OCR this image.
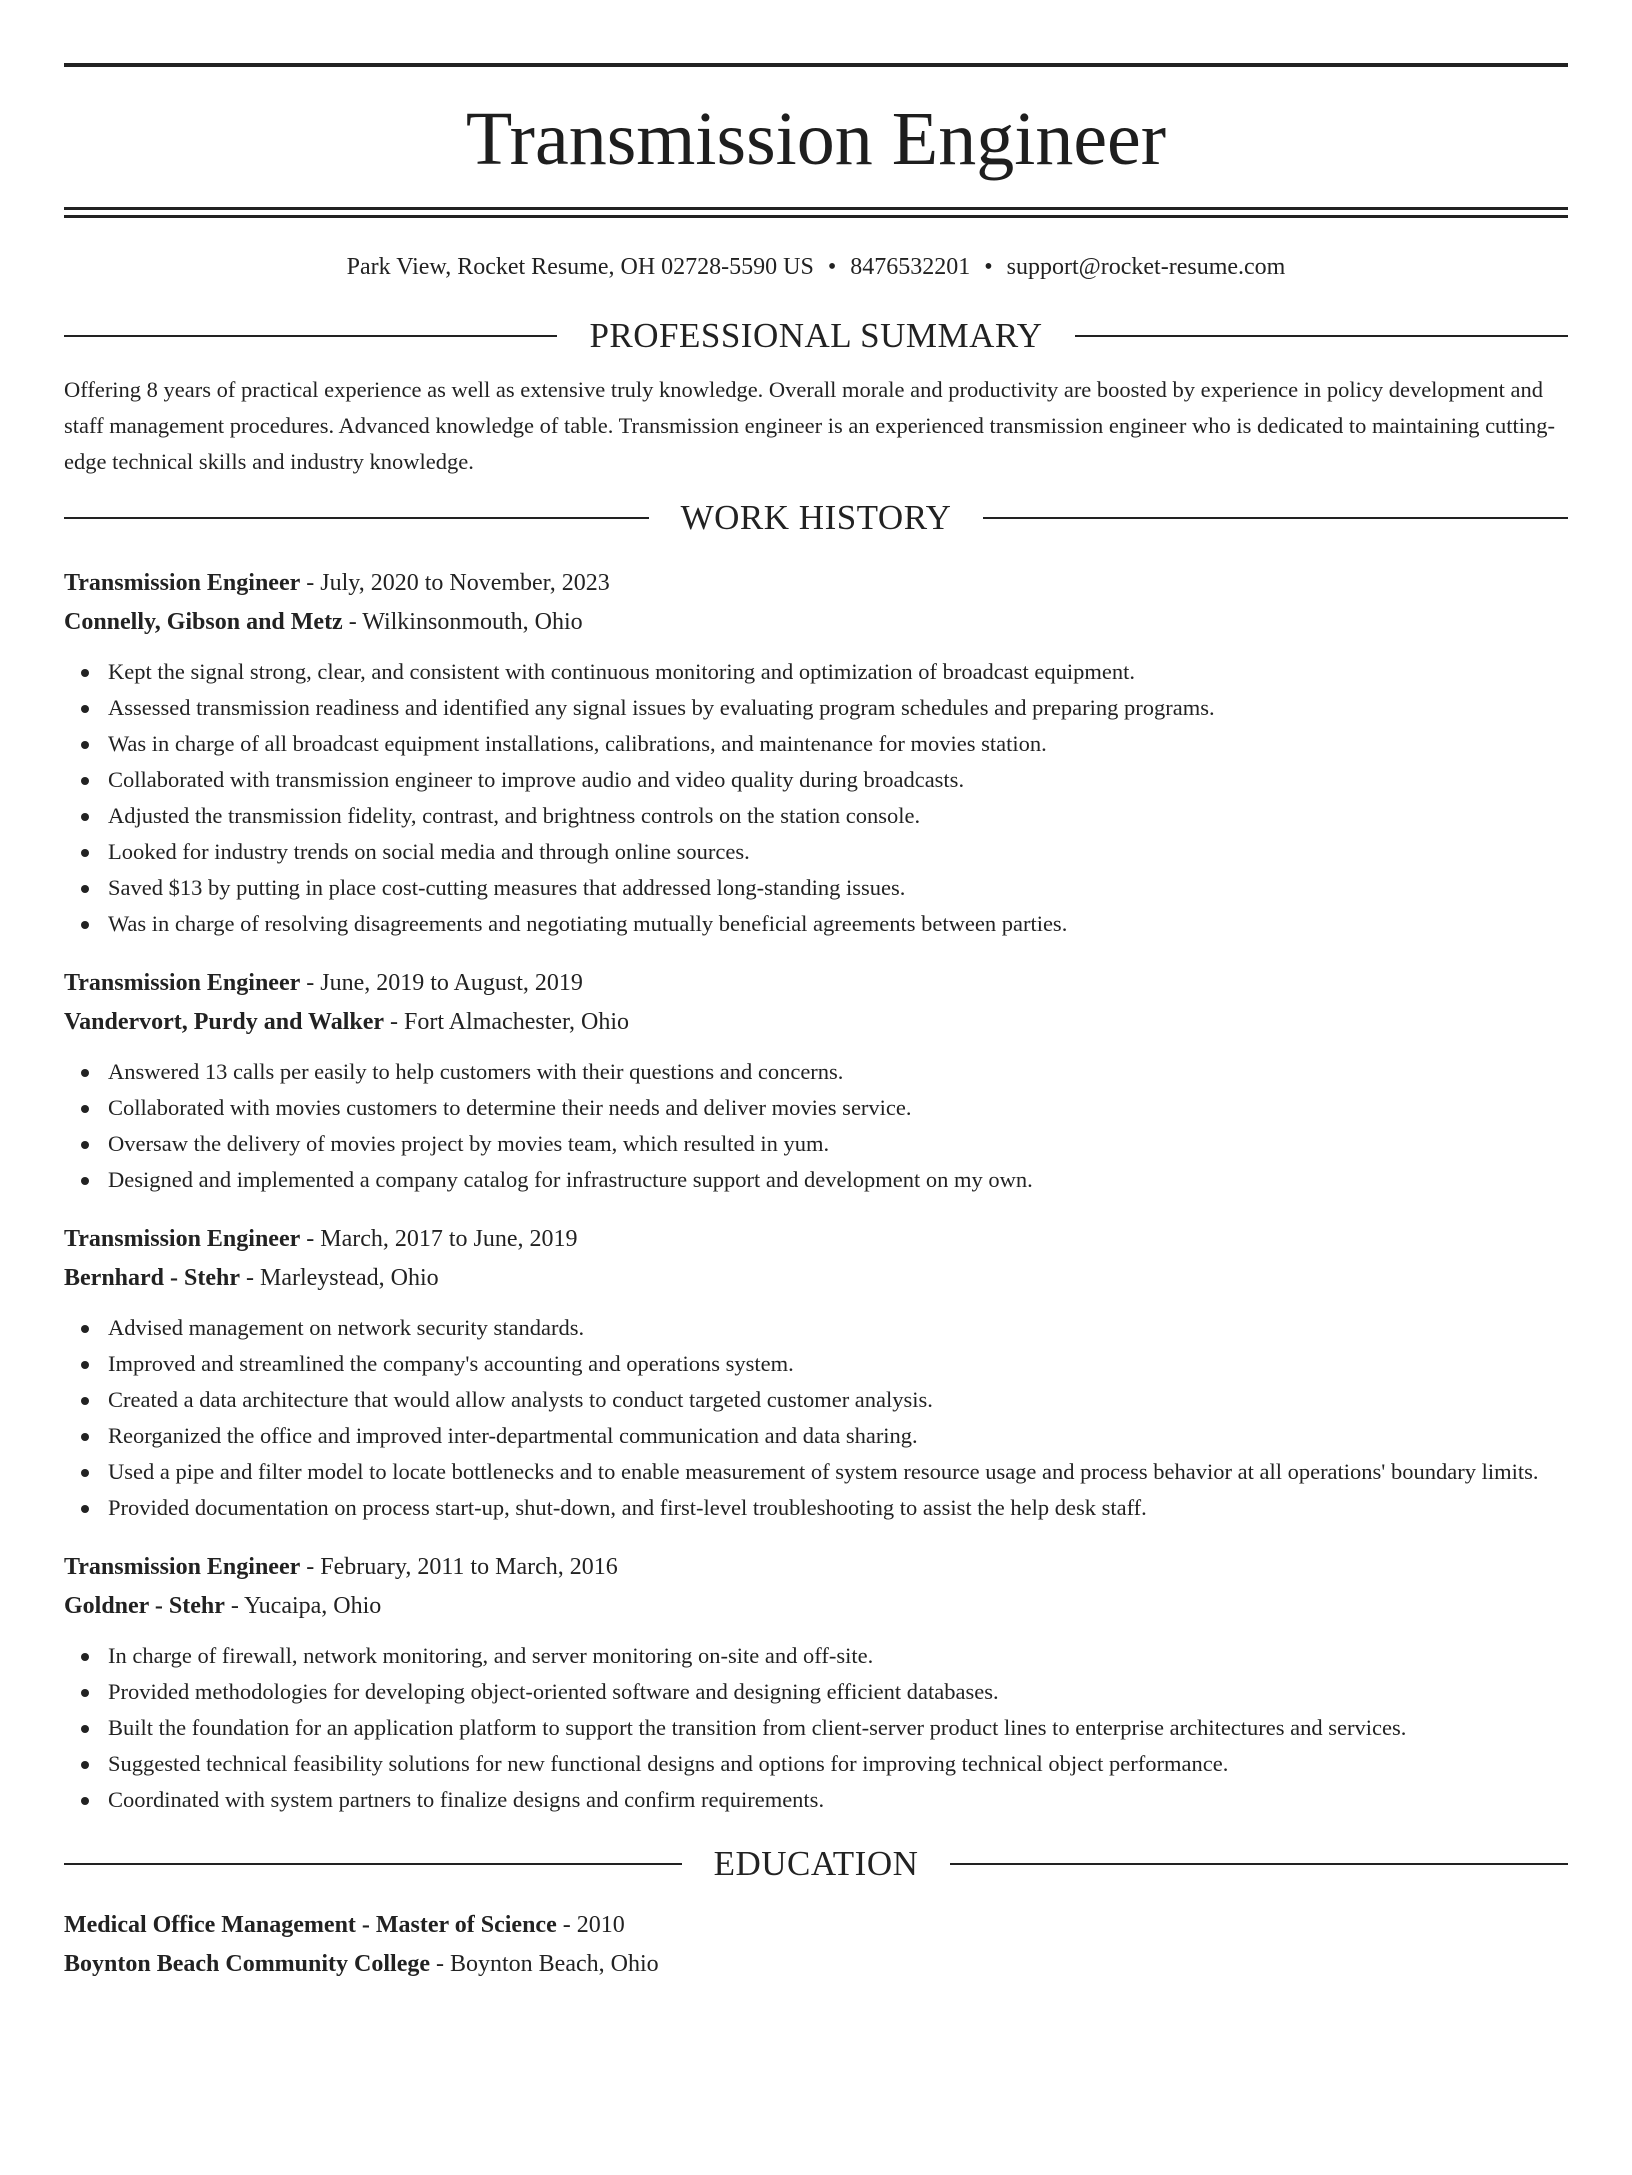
Transmission Engineer
Park View, Rocket Resume, OH 02728-5590 US • 8476532201 • support@rocket-resume.com
PROFESSIONAL SUMMARY
Offering 8 years of practical experience as well as extensive truly knowledge. Overall morale and productivity are boosted by experience in policy development and staff management procedures. Advanced knowledge of table. Transmission engineer is an experienced transmission engineer who is dedicated to maintaining cutting-edge technical skills and industry knowledge.
WORK HISTORY
Transmission Engineer - July, 2020 to November, 2023
Connelly, Gibson and Metz - Wilkinsonmouth, Ohio
Kept the signal strong, clear, and consistent with continuous monitoring and optimization of broadcast equipment.
Assessed transmission readiness and identified any signal issues by evaluating program schedules and preparing programs.
Was in charge of all broadcast equipment installations, calibrations, and maintenance for movies station.
Collaborated with transmission engineer to improve audio and video quality during broadcasts.
Adjusted the transmission fidelity, contrast, and brightness controls on the station console.
Looked for industry trends on social media and through online sources.
Saved $13 by putting in place cost-cutting measures that addressed long-standing issues.
Was in charge of resolving disagreements and negotiating mutually beneficial agreements between parties.
Transmission Engineer - June, 2019 to August, 2019
Vandervort, Purdy and Walker - Fort Almachester, Ohio
Answered 13 calls per easily to help customers with their questions and concerns.
Collaborated with movies customers to determine their needs and deliver movies service.
Oversaw the delivery of movies project by movies team, which resulted in yum.
Designed and implemented a company catalog for infrastructure support and development on my own.
Transmission Engineer - March, 2017 to June, 2019
Bernhard - Stehr - Marleystead, Ohio
Advised management on network security standards.
Improved and streamlined the company's accounting and operations system.
Created a data architecture that would allow analysts to conduct targeted customer analysis.
Reorganized the office and improved inter-departmental communication and data sharing.
Used a pipe and filter model to locate bottlenecks and to enable measurement of system resource usage and process behavior at all operations' boundary limits.
Provided documentation on process start-up, shut-down, and first-level troubleshooting to assist the help desk staff.
Transmission Engineer - February, 2011 to March, 2016
Goldner - Stehr - Yucaipa, Ohio
In charge of firewall, network monitoring, and server monitoring on-site and off-site.
Provided methodologies for developing object-oriented software and designing efficient databases.
Built the foundation for an application platform to support the transition from client-server product lines to enterprise architectures and services.
Suggested technical feasibility solutions for new functional designs and options for improving technical object performance.
Coordinated with system partners to finalize designs and confirm requirements.
EDUCATION
Medical Office Management - Master of Science - 2010
Boynton Beach Community College - Boynton Beach, Ohio
